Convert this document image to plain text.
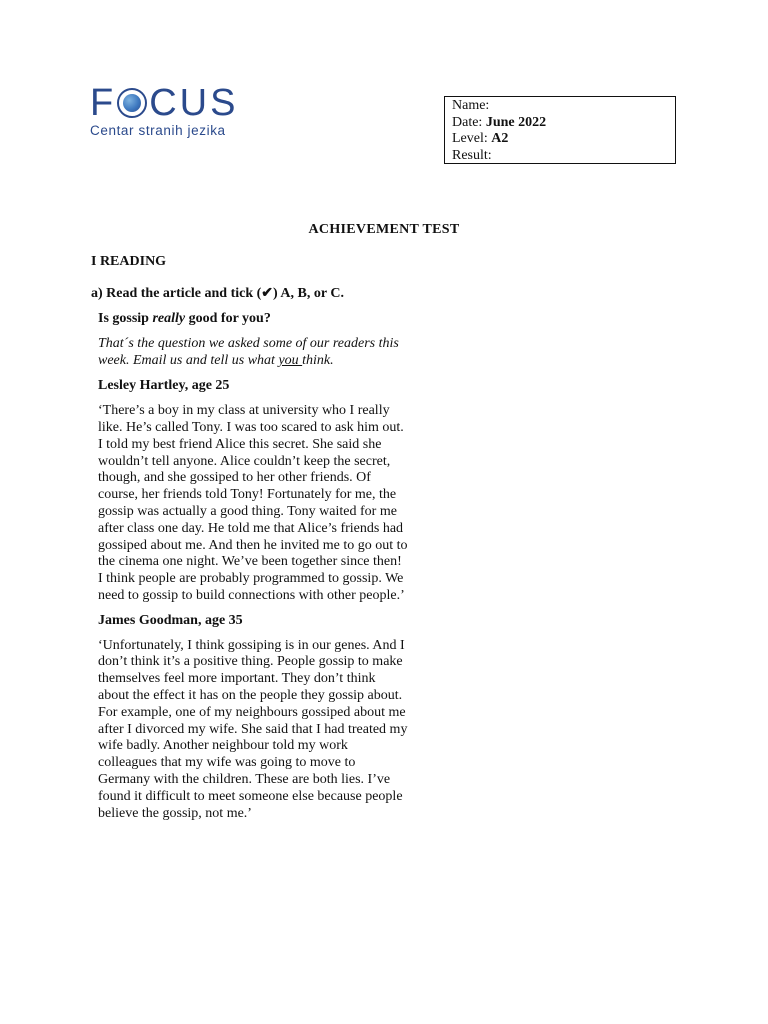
F CUS
Centar stranih jezika
Name:
Date: June 2022
Level: A2
Result:
ACHIEVEMENT TEST
I READING
a) Read the article and tick (✔) A, B, or C.
Is gossip really good for you?

That´s the question we asked some of our readers this week. Email us and tell us what you think.

Lesley Hartley, age 25

‘There’s a boy in my class at university who I really like. He’s called Tony. I was too scared to ask him out. I told my best friend Alice this secret. She said she wouldn’t tell anyone. Alice couldn’t keep the secret, though, and she gossiped to her other friends. Of course, her friends told Tony! Fortunately for me, the gossip was actually a good thing. Tony waited for me after class one day. He told me that Alice’s friends had gossiped about me. And then he invited me to go out to the cinema one night. We’ve been together since then! I think people are probably programmed to gossip. We need to gossip to build connections with other people.’

James Goodman, age 35

‘Unfortunately, I think gossiping is in our genes. And I don’t think it’s a positive thing. People gossip to make themselves feel more important. They don’t think about the effect it has on the people they gossip about. For example, one of my neighbours gossiped about me after I divorced my wife. She said that I had treated my wife badly. Another neighbour told my work colleagues that my wife was going to move to Germany with the children. These are both lies. I’ve found it difficult to meet someone else because people believe the gossip, not me.’
